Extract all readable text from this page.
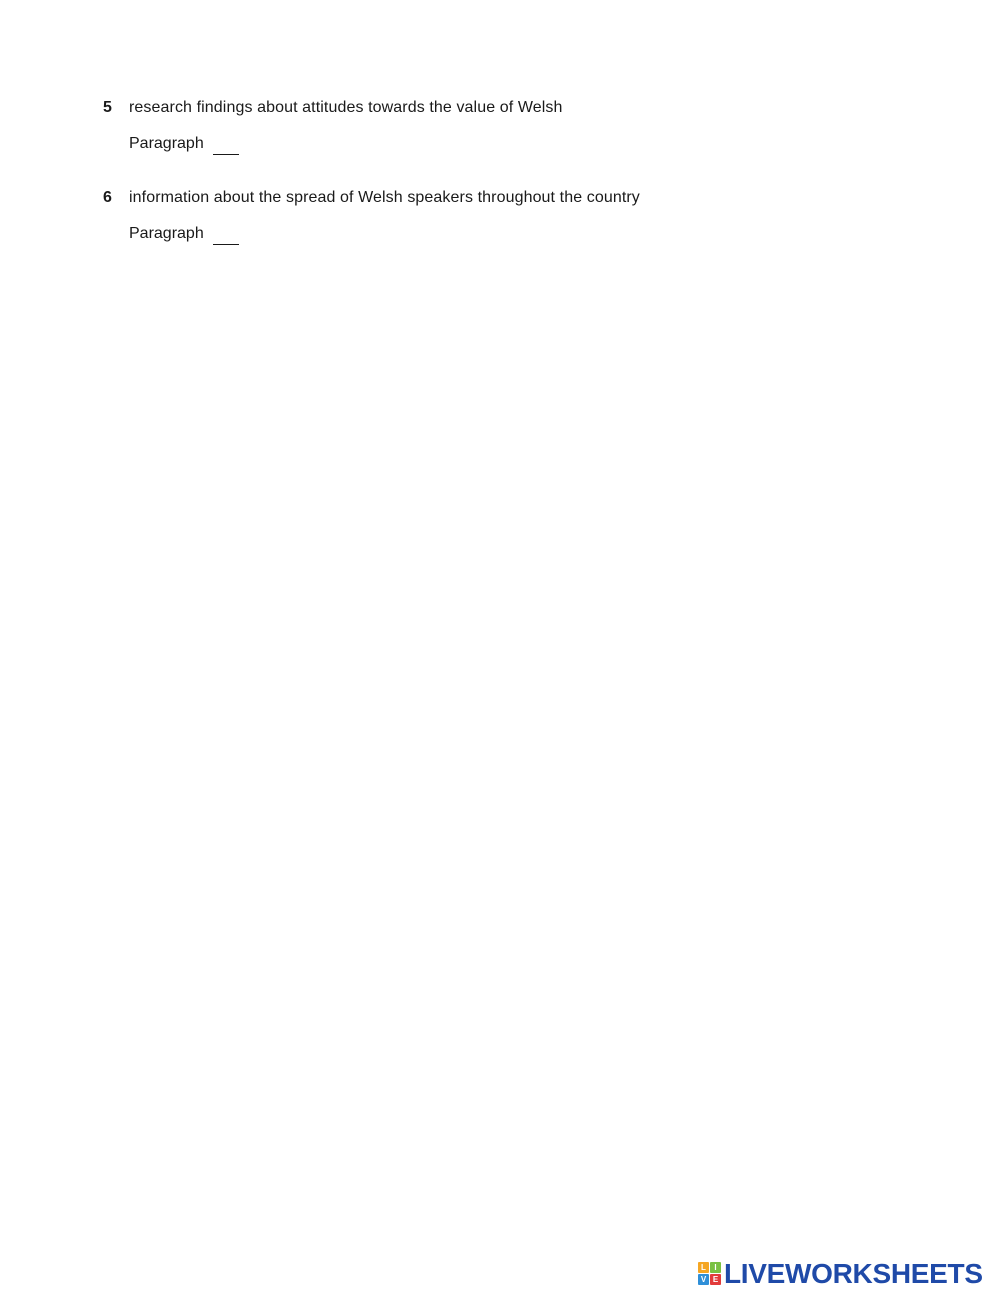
5 research findings about attitudes towards the value of Welsh
Paragraph
6 information about the spread of Welsh speakers throughout the country
Paragraph
L	I
V E LIVEWORKSHEETS
